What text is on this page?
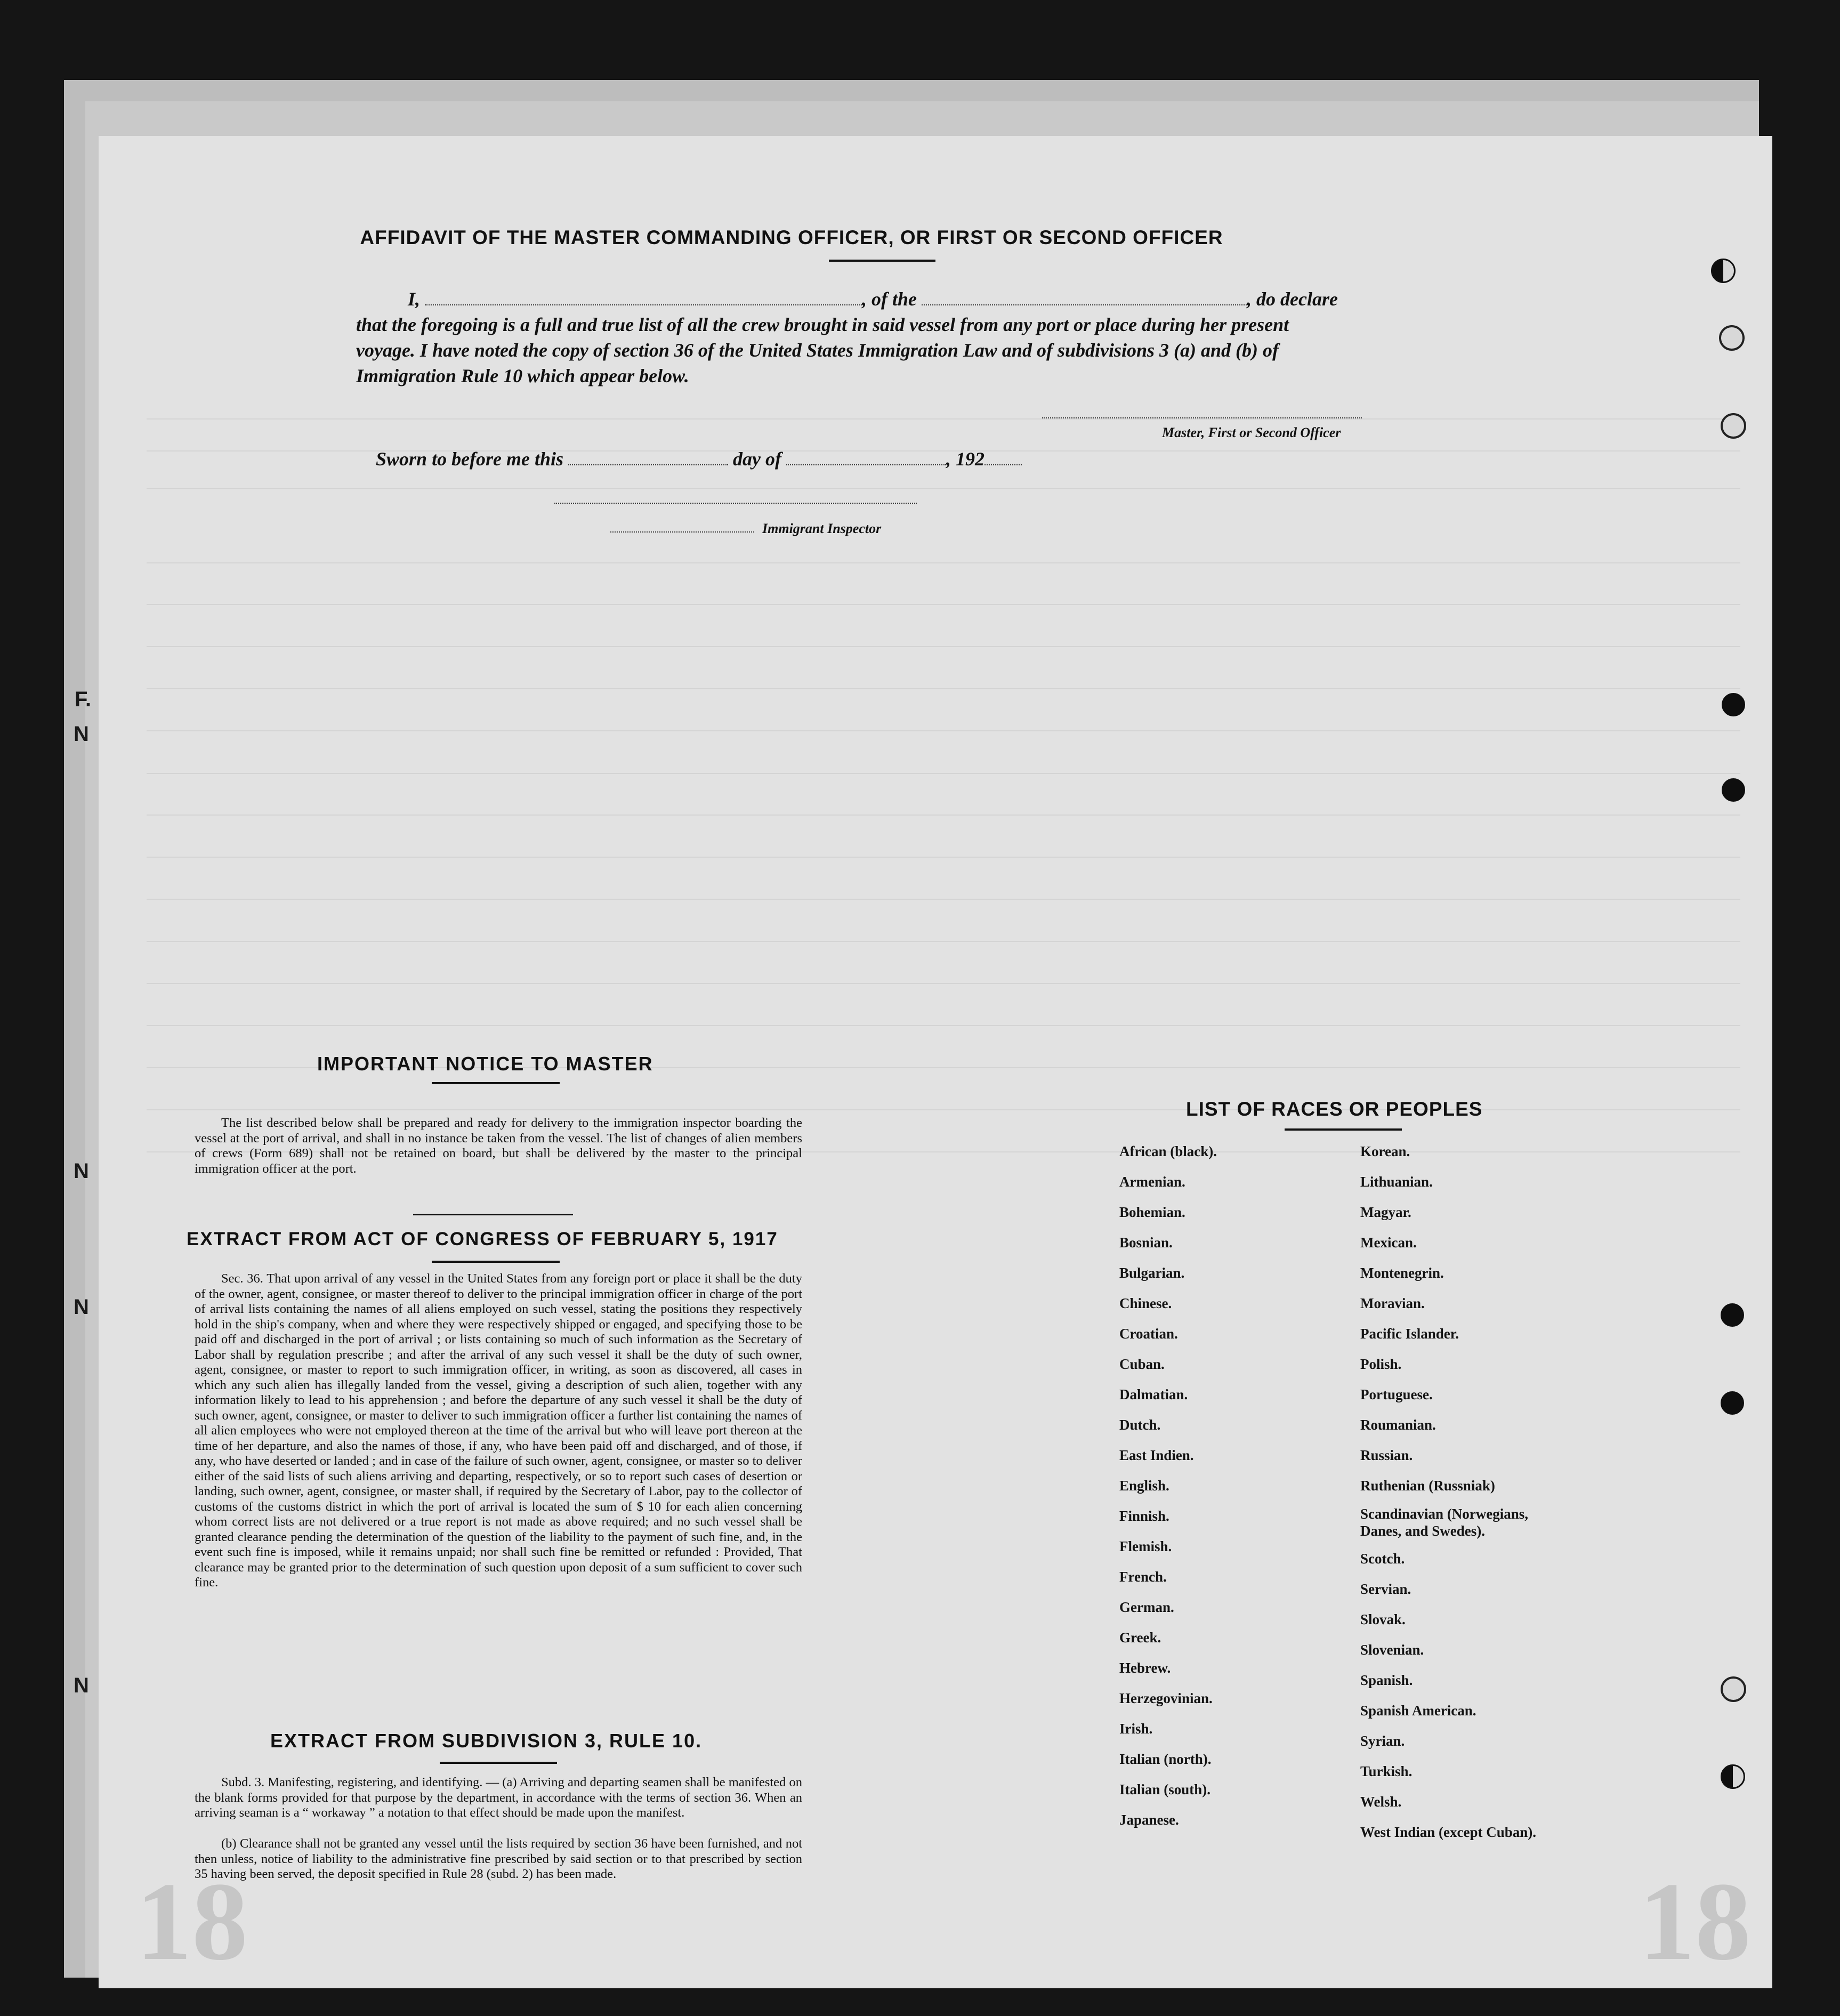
F.
N
N
N
N
18	18
AFFIDAVIT OF THE MASTER COMMANDING OFFICER, OR FIRST OR SECOND OFFICER
I,	, of the	, do declare
that the foregoing is a full and true list of all the crew brought in said vessel from any port or place during her present
voyage. I have noted the copy of section 36 of the United States Immigration Law and of subdivisions 3 (a) and (b) of
Immigration Rule 10 which appear below.
Master, First or Second Officer
Sworn to before me this	day of	, 192
Immigrant Inspector
IMPORTANT NOTICE TO MASTER
The list described below shall be prepared and ready for delivery to the immigration inspector boarding the vessel at the port of arrival, and shall in no instance be taken from the vessel. The list of changes of alien members of crews (Form 689) shall not be retained on board, but shall be delivered by the master to the principal immigration officer at the port.
EXTRACT FROM ACT OF CONGRESS OF FEBRUARY 5, 1917
Sec. 36. That upon arrival of any vessel in the United States from any foreign port or place it shall be the duty of the owner, agent, consignee, or master thereof to deliver to the principal immigration officer in charge of the port of arrival lists containing the names of all aliens employed on such vessel, stating the positions they respectively hold in the ship's company, when and where they were respectively shipped or engaged, and specifying those to be paid off and discharged in the port of arrival ; or lists containing so much of such information as the Secretary of Labor shall by regulation prescribe ; and after the arrival of any such vessel it shall be the duty of such owner, agent, consignee, or master to report to such immigration officer, in writing, as soon as discovered, all cases in which any such alien has illegally landed from the vessel, giving a description of such alien, together with any information likely to lead to his apprehension ; and before the departure of any such vessel it shall be the duty of such owner, agent, consignee, or master to deliver to such immigration officer a further list containing the names of all alien employees who were not employed thereon at the time of the arrival but who will leave port thereon at the time of her departure, and also the names of those, if any, who have been paid off and discharged, and of those, if any, who have deserted or landed ; and in case of the failure of such owner, agent, consignee, or master so to deliver either of the said lists of such aliens arriving and departing, respectively, or so to report such cases of desertion or landing, such owner, agent, consignee, or master shall, if required by the Secretary of Labor, pay to the collector of customs of the customs district in which the port of arrival is located the sum of $ 10 for each alien concerning whom correct lists are not delivered or a true report is not made as above required; and no such vessel shall be granted clearance pending the determination of the question of the liability to the payment of such fine, and, in the event such fine is imposed, while it remains unpaid; nor shall such fine be remitted or refunded : Provided, That clearance may be granted prior to the determination of such question upon deposit of a sum sufficient to cover such fine.
EXTRACT FROM SUBDIVISION 3, RULE 10.
Subd. 3. Manifesting, registering, and identifying. — (a) Arriving and departing seamen shall be manifested on the blank forms provided for that purpose by the department, in accordance with the terms of section 36. When an arriving seaman is a “ workaway ” a notation to that effect should be made upon the manifest.
(b) Clearance shall not be granted any vessel until the lists required by section 36 have been furnished, and not then unless, notice of liability to the administrative fine prescribed by said section or to that prescribed by section 35 having been served, the deposit specified in Rule 28 (subd. 2) has been made.
LIST OF RACES OR PEOPLES
African (black).
Armenian.
Bohemian.
Bosnian.
Bulgarian.
Chinese.
Croatian.
Cuban.
Dalmatian.
Dutch.
East Indien.
English.
Finnish.
Flemish.
French.
German.
Greek.
Hebrew.
Herzegovinian.
Irish.
Italian (north).
Italian (south).
Japanese.
Korean.
Lithuanian.
Magyar.
Mexican.
Montenegrin.
Moravian.
Pacific Islander.
Polish.
Portuguese.
Roumanian.
Russian.
Ruthenian (Russniak)
Scandinavian (Norwegians,
Danes, and Swedes).
Scotch.
Servian.
Slovak.
Slovenian.
Spanish.
Spanish American.
Syrian.
Turkish.
Welsh.
West Indian (except Cuban).
